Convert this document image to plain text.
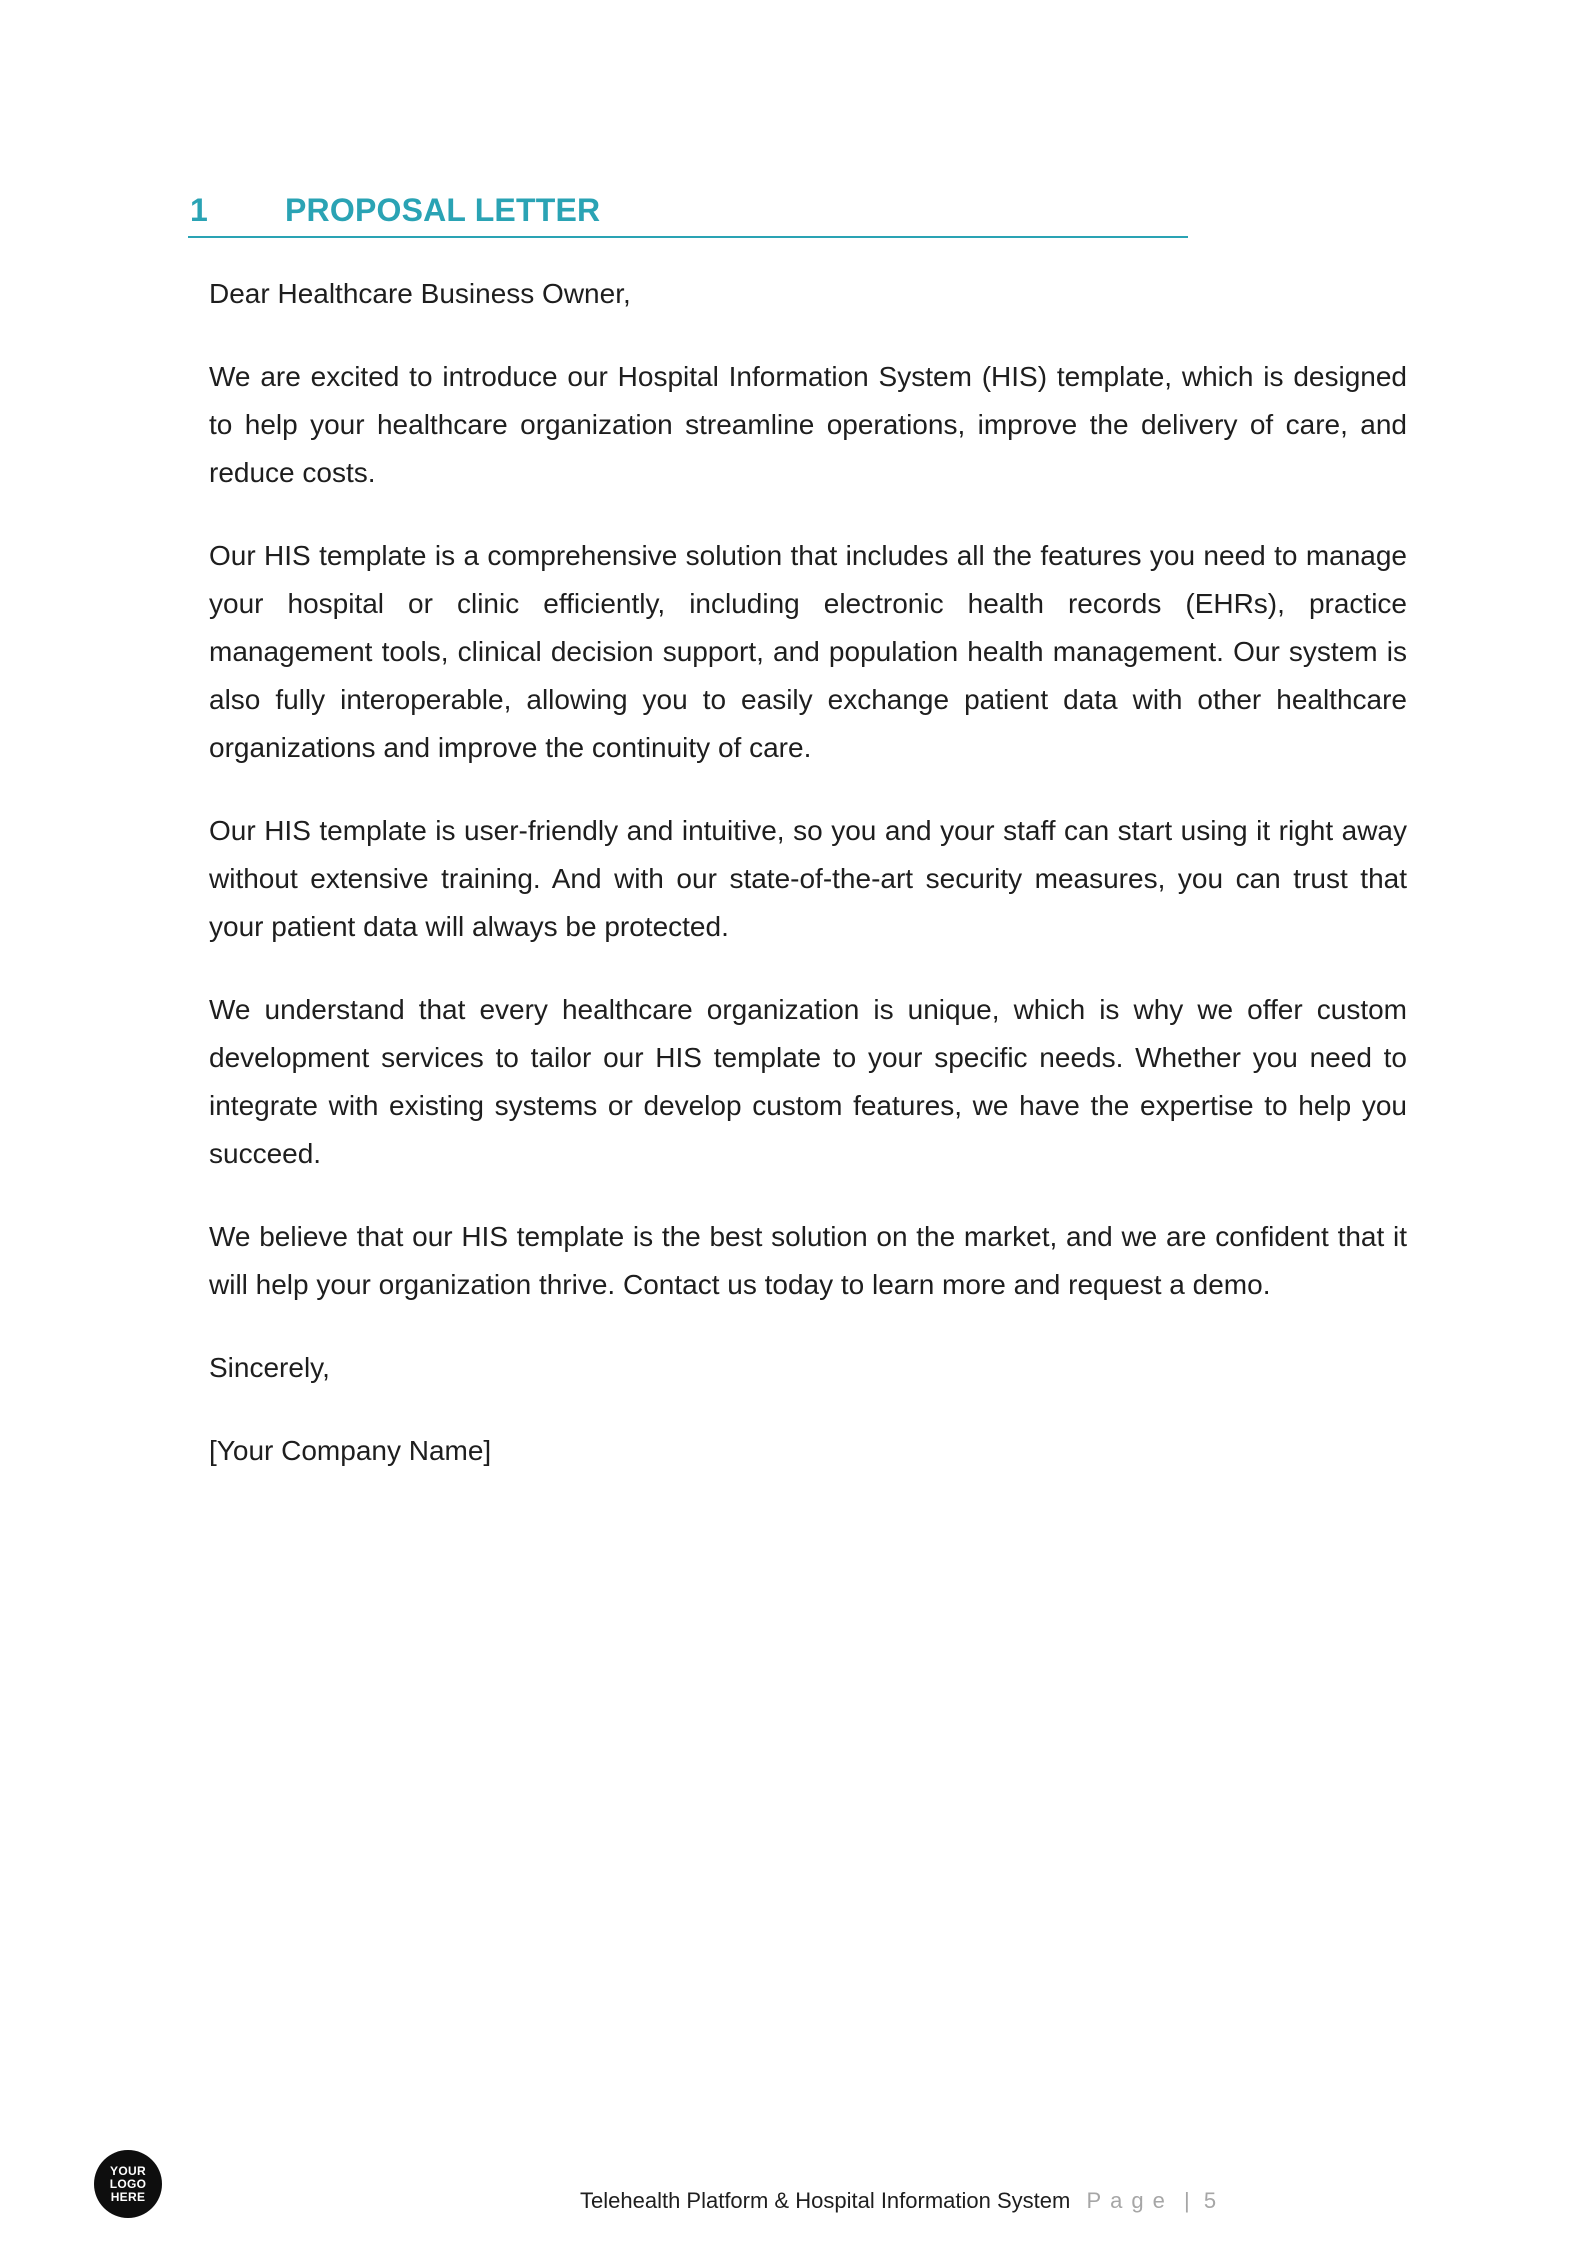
1 PROPOSAL LETTER

Dear Healthcare Business Owner,

We are excited to introduce our Hospital Information System (HIS) template, which is designed to help your healthcare organization streamline operations, improve the delivery of care, and reduce costs.

Our HIS template is a comprehensive solution that includes all the features you need to manage your hospital or clinic efficiently, including electronic health records (EHRs), practice management tools, clinical decision support, and population health management. Our system is also fully interoperable, allowing you to easily exchange patient data with other healthcare organizations and improve the continuity of care.

Our HIS template is user-friendly and intuitive, so you and your staff can start using it right away without extensive training. And with our state-of-the-art security measures, you can trust that your patient data will always be protected.

We understand that every healthcare organization is unique, which is why we offer custom development services to tailor our HIS template to your specific needs. Whether you need to integrate with existing systems or develop custom features, we have the expertise to help you succeed.

We believe that our HIS template is the best solution on the market, and we are confident that it will help your organization thrive. Contact us today to learn more and request a demo.

Sincerely,

[Your Company Name]

YOUR
LOGO
HERE	Telehealth Platform & Hospital Information System Page | 5
